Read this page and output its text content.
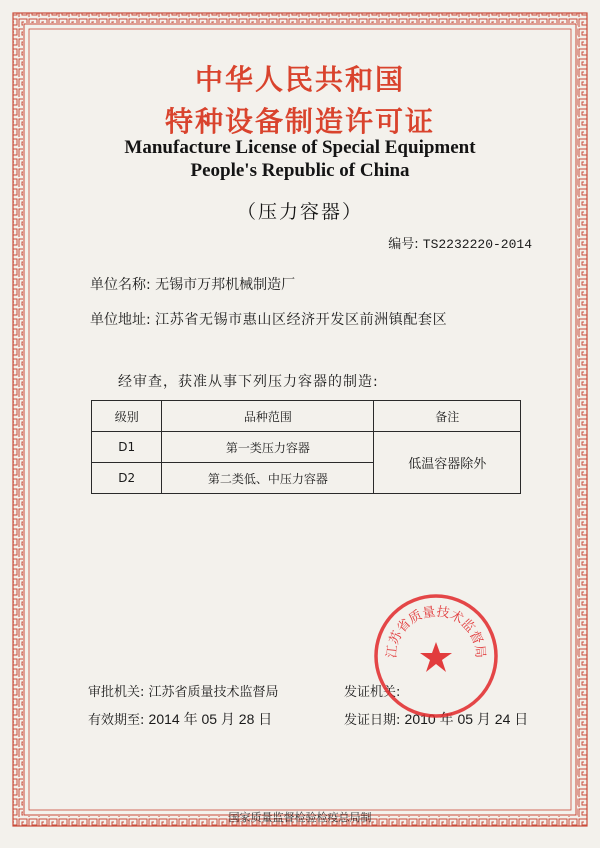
中华人民共和国
特种设备制造许可证
Manufacture License of Special Equipment
People's Republic of China
（压力容器）
编号: TS2232220-2014
单位名称: 无锡市万邦机械制造厂
单位地址: 江苏省无锡市惠山区经济开发区前洲镇配套区
经审查，获准从事下列压力容器的制造:
级别	品种范围	备注
D1	第一类压力容器	低温容器除外
D2	第二类低、中压力容器	
审批机关: 江苏省质量技术监督局
有效期至: 2014 年 05 月 28 日
发证机关:
发证日期: 2010 年 05 月 24 日
江苏省质量技术监督局
国家质量监督检验检疫总局制
